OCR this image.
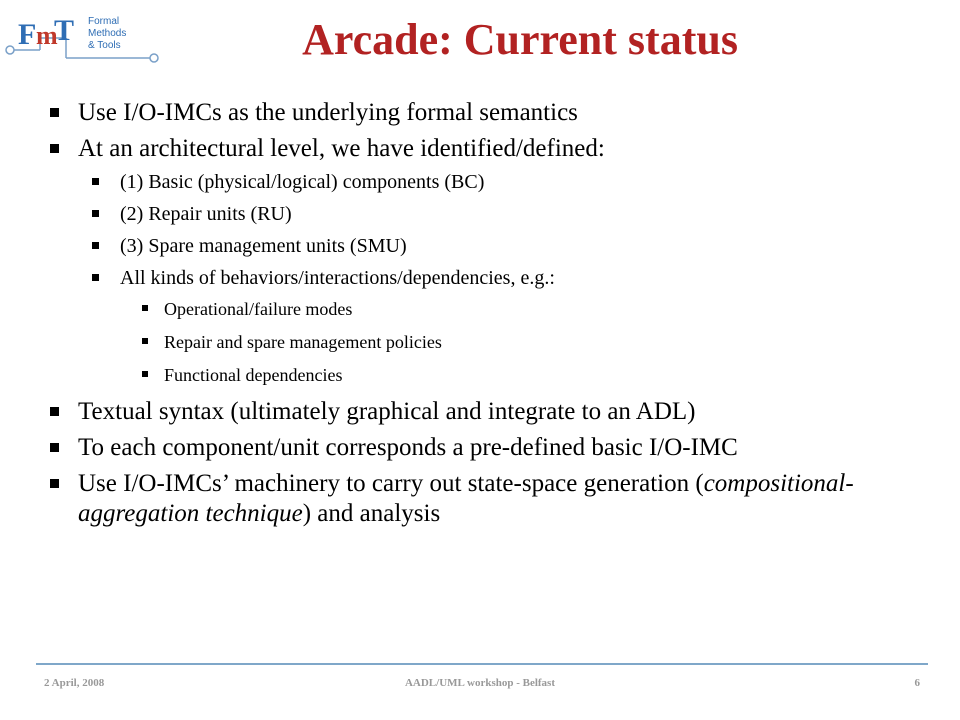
F m
T Formal
Methods
& Tools	Arcade: Current status
Use I/O-IMCs as the underlying formal semantics
At an architectural level, we have identified/defined:
(1) Basic (physical/logical) components (BC)
(2) Repair units (RU)
(3) Spare management units (SMU)
All kinds of behaviors/interactions/dependencies, e.g.:
Operational/failure modes
Repair and spare management policies
Functional dependencies
Textual syntax (ultimately graphical and integrate to an ADL)
To each component/unit corresponds a pre-defined basic I/O-IMC
Use I/O-IMCs’ machinery to carry out state-space generation (compositional-aggregation technique) and analysis
2 April, 2008	AADL/UML workshop - Belfast	6
